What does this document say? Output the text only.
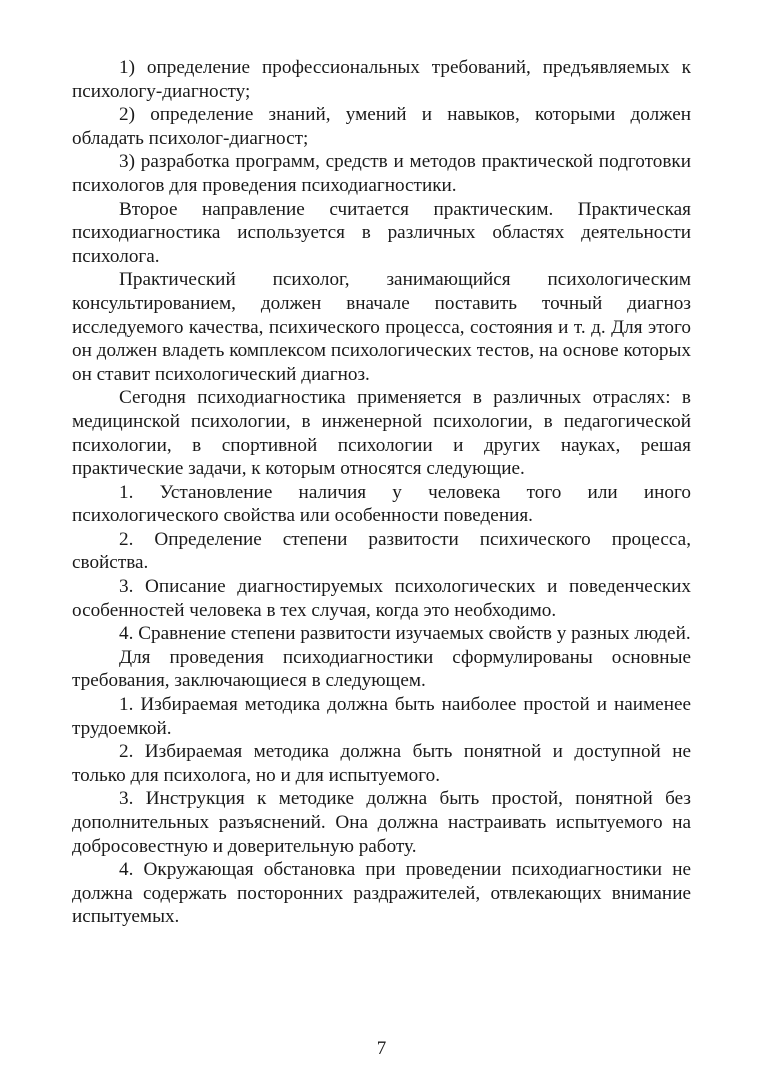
1) определение профессиональных требований, предъявляемых к психологу-диагносту;

2) определение знаний, умений и навыков, которыми должен обладать психолог-диагност;

3) разработка программ, средств и методов практической подготовки психологов для проведения психодиагностики.

Второе направление считается практическим. Практическая психодиагностика используется в различных областях деятельности психолога.

Практический психолог, занимающийся психологическим консультированием, должен вначале поставить точный диагноз исследуемого качества, психического процесса, состояния и т. д. Для этого он должен владеть комплексом психологических тестов, на основе которых он ставит психологический диагноз.

Сегодня психодиагностика применяется в различных отраслях: в медицинской психологии, в инженерной психологии, в педагогической психологии, в спортивной психологии и других науках, решая практические задачи, к которым относятся следующие.

1. Установление наличия у человека того или иного психологического свойства или особенности поведения.

2. Определение степени развитости психического процесса, свойства.

3. Описание диагностируемых психологических и поведенческих особенностей человека в тех случая, когда это необходимо.

4. Сравнение степени развитости изучаемых свойств у разных людей.

Для проведения психодиагностики сформулированы основные требования, заключающиеся в следующем.

1. Избираемая методика должна быть наиболее простой и наименее трудоемкой.

2. Избираемая методика должна быть понятной и доступной не только для психолога, но и для испытуемого.

3. Инструкция к методике должна быть простой, понятной без дополнительных разъяснений. Она должна настраивать испытуемого на добросовестную и доверительную работу.

4. Окружающая обстановка при проведении психодиагностики не должна содержать посторонних раздражителей, отвлекающих внимание испытуемых.

7
